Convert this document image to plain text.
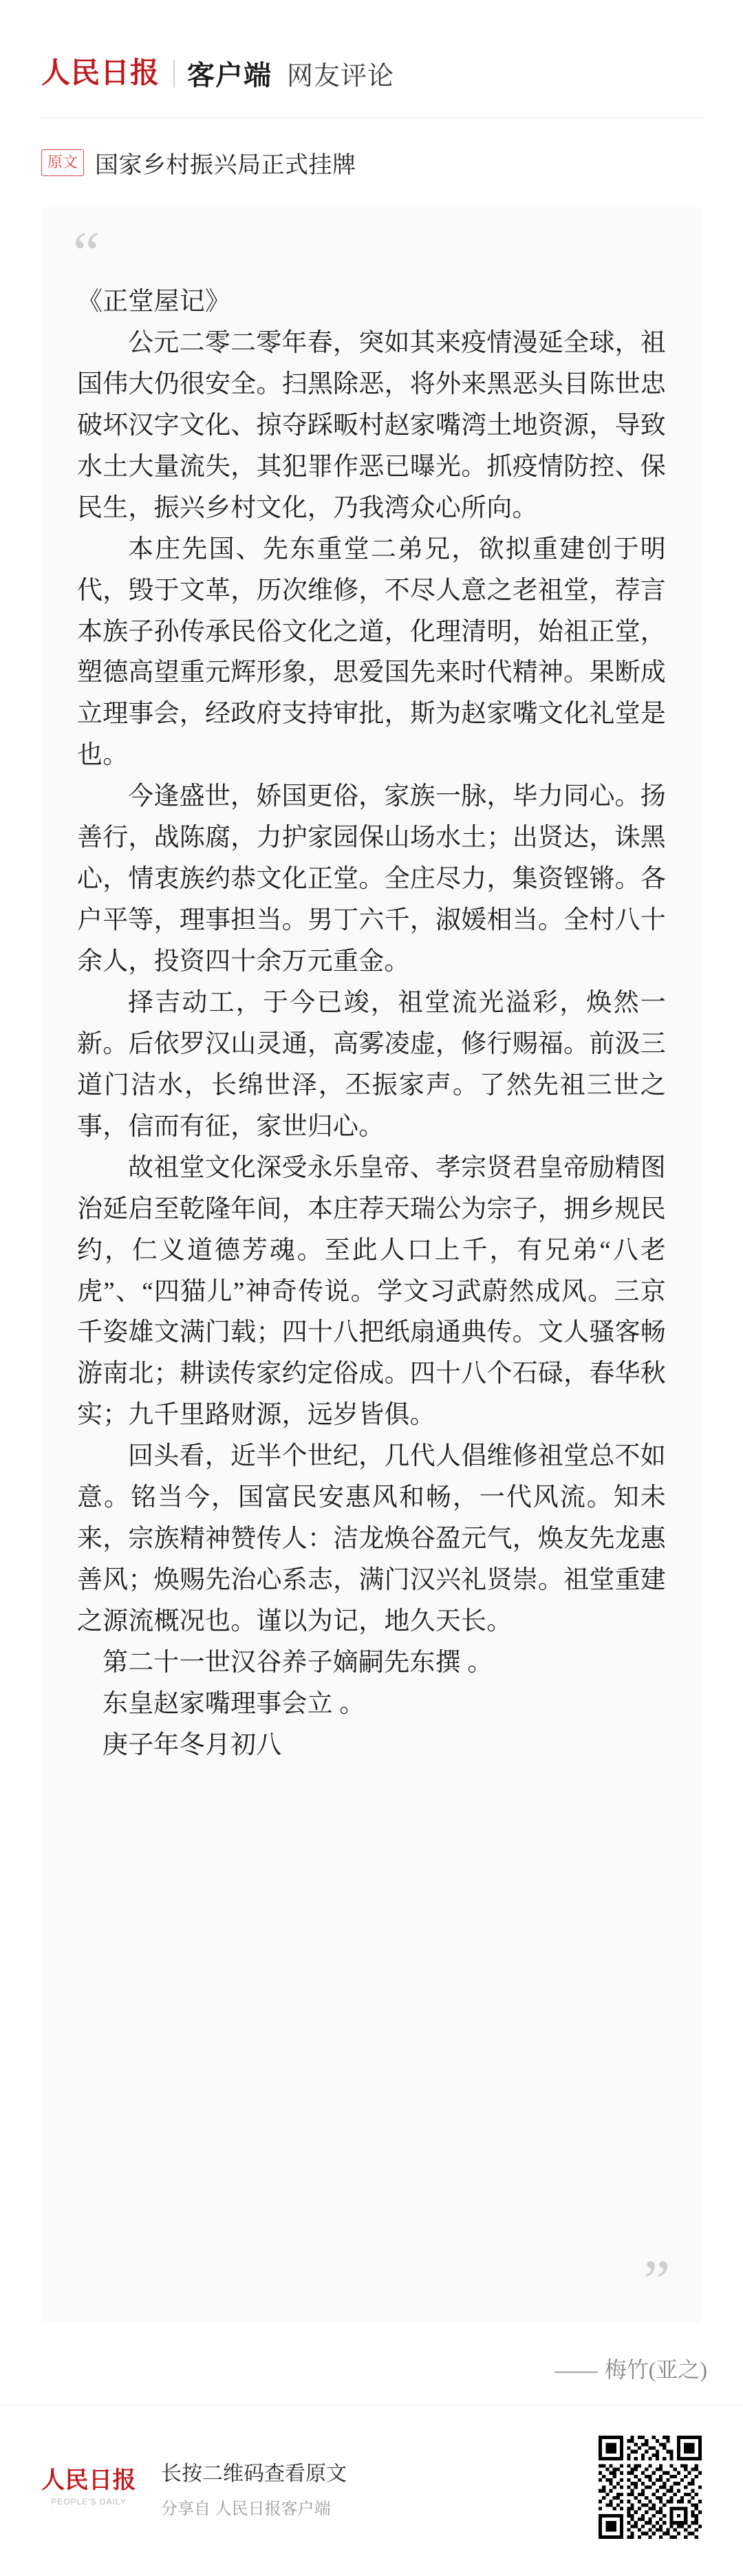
人民日报 客户端 网友评论
原文 国家乡村振兴局正式挂牌
“

《正堂屋记》

公元二零二零年春，突如其来疫情漫延全球，祖国伟大仍很安全。扫黑除恶，将外来黑恶头目陈世忠破坏汉字文化、掠夺踩畈村赵家嘴湾土地资源，导致水土大量流失，其犯罪作恶已曝光。抓疫情防控、保民生，振兴乡村文化，乃我湾众心所向。

本庄先国、先东重堂二弟兄，欲拟重建创于明代，毁于文革，历次维修，不尽人意之老祖堂，荐言本族子孙传承民俗文化之道，化理清明，始祖正堂，塑德高望重元辉形象，思爱国先来时代精神。果断成立理事会，经政府支持审批，斯为赵家嘴文化礼堂是也。

今逢盛世，娇国更俗，家族一脉，毕力同心。扬善行，战陈腐，力护家园保山场水土；出贤达，诛黑心，情衷族约恭文化正堂。全庄尽力，集资铿锵。各户平等，理事担当。男丁六千，淑媛相当。全村八十余人，投资四十余万元重金。

择吉动工，于今已竣，祖堂流光溢彩，焕然一新。后依罗汉山灵通，高雾凌虚，修行赐福。前汲三道门洁水，长绵世泽，丕振家声。了然先祖三世之事，信而有征，家世归心。

故祖堂文化深受永乐皇帝、孝宗贤君皇帝励精图治延启至乾隆年间，本庄荐天瑞公为宗子，拥乡规民约，仁义道德芳魂。至此人口上千，有兄弟“八老虎”、“四猫儿”神奇传说。学文习武蔚然成风。三京千姿雄文满门载；四十八把纸扇通典传。文人骚客畅游南北；耕读传家约定俗成。四十八个石碌，春华秋实；九千里路财源，远岁皆俱。

回头看，近半个世纪，几代人倡维修祖堂总不如意。铭当今，国富民安惠风和畅，一代风流。知未来，宗族精神赞传人：洁龙焕谷盈元气，焕友先龙惠善风；焕赐先治心系志，满门汉兴礼贤崇。祖堂重建之源流概况也。谨以为记，地久天长。

第二十一世汉谷养子嫡嗣先东撰 。

东皇赵家嘴理事会立 。

庚子年冬月初八

”
—— 梅竹(亚之)
人民日报
PEOPLE'S DAILY
长按二维码查看原文
分享自 人民日报客户端
